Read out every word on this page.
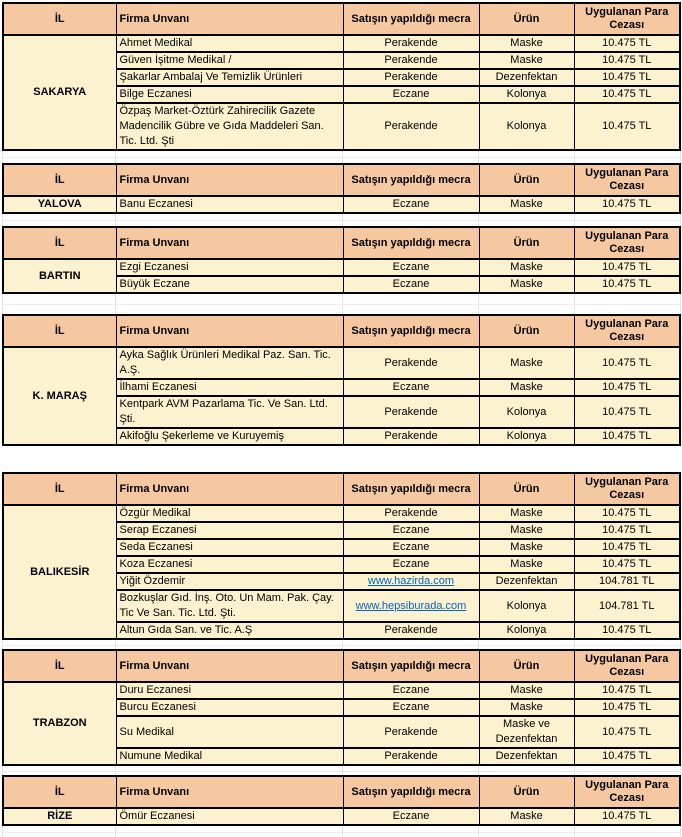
İL	Firma Unvanı	Satışın yapıldığı mecra	Ürün	Uygulanan Para Cezası
SAKARYA	Ahmet Medikal	Perakende	Maske	10.475 TL
	Güven İşitme Medikal /	Perakende	Maske	10.475 TL
	Şakarlar Ambalaj Ve Temizlik Ürünleri	Perakende	Dezenfektan	10.475 TL
	Bilge Eczanesi	Eczane	Kolonya	10.475 TL
	Özpaş Market-Öztürk Zahirecilik Gazete Madencilik Gübre ve Gıda Maddeleri San. Tic. Ltd. Şti	Perakende	Kolonya	10.475 TL
İL	Firma Unvanı	Satışın yapıldığı mecra	Ürün	Uygulanan Para Cezası
YALOVA	Banu Eczanesi	Eczane	Maske	10.475 TL
İL	Firma Unvanı	Satışın yapıldığı mecra	Ürün	Uygulanan Para Cezası
BARTIN	Ezgi Eczanesi	Eczane	Maske	10.475 TL
	Büyük Eczane	Eczane	Maske	10.475 TL
İL	Firma Unvanı	Satışın yapıldığı mecra	Ürün	Uygulanan Para Cezası
K. MARAŞ	Ayka Sağlık Ürünleri Medikal Paz. San. Tic. A.Ş.	Perakende	Maske	10.475 TL
	İlhami Eczanesi	Eczane	Maske	10.475 TL
	Kentpark AVM Pazarlama Tic. Ve San. Ltd. Şti.	Perakende	Kolonya	10.475 TL
	Akifoğlu Şekerleme ve Kuruyemiş	Perakende	Kolonya	10.475 TL
İL	Firma Unvanı	Satışın yapıldığı mecra	Ürün	Uygulanan Para Cezası
BALIKESİR	Özgür Medikal	Perakende	Maske	10.475 TL
	Serap Eczanesi	Eczane	Maske	10.475 TL
	Seda Eczanesi	Eczane	Maske	10.475 TL
	Koza Eczanesi	Eczane	Maske	10.475 TL
	Yiğit Özdemir	www.hazirda.com	Dezenfektan	104.781 TL
	Bozkuşlar Gıd. İnş. Oto. Un Mam. Pak. Çay. Tic Ve San. Tic. Ltd. Şti.	www.hepsiburada.com	Kolonya	104.781 TL
	Altun Gıda San. ve Tic. A.Ş	Perakende	Kolonya	10.475 TL
İL	Firma Unvanı	Satışın yapıldığı mecra	Ürün	Uygulanan Para Cezası
TRABZON	Duru Eczanesi	Eczane	Maske	10.475 TL
	Burcu Eczanesi	Eczane	Maske	10.475 TL
	Su Medikal	Perakende	Maske ve Dezenfektan	10.475 TL
	Numune Medikal	Perakende	Dezenfektan	10.475 TL
İL	Firma Unvanı	Satışın yapıldığı mecra	Ürün	Uygulanan Para Cezası
RİZE	Ömür Eczanesi	Eczane	Maske	10.475 TL
